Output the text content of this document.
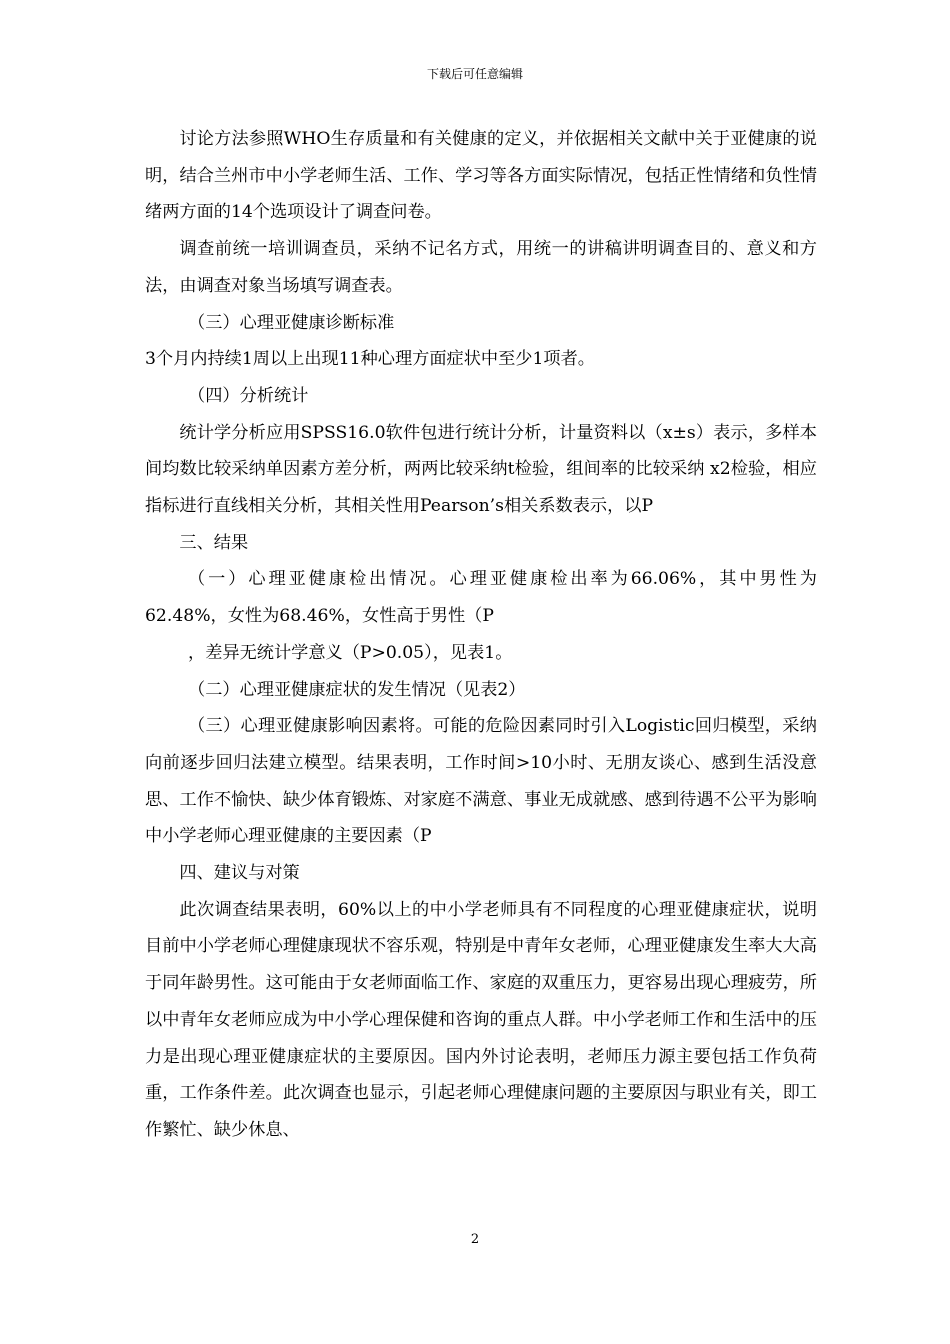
下载后可任意编辑

讨论方法参照WHO生存质量和有关健康的定义，并依据相关文献中关于亚健康的说明，结合兰州市中小学老师生活、工作、学习等各方面实际情况，包括正性情绪和负性情绪两方面的14个选项设计了调查问卷。

调查前统一培训调查员，采纳不记名方式，用统一的讲稿讲明调查目的、意义和方法，由调查对象当场填写调查表。

（三）心理亚健康诊断标准

3个月内持续1周以上出现11种心理方面症状中至少1项者。

（四）分析统计

统计学分析应用SPSS16.0软件包进行统计分析，计量资料以（x±s）表示，多样本间均数比较采纳单因素方差分析，两两比较采纳t检验，组间率的比较采纳 x2检验，相应指标进行直线相关分析，其相关性用Pearson’s相关系数表示，以P

三、结果

（一）心理亚健康检出情况。心理亚健康检出率为66.06%，其中男性为62.48%，女性为68.46%，女性高于男性（P

，差异无统计学意义（P>0.05），见表1。

（二）心理亚健康症状的发生情况（见表2）

（三）心理亚健康影响因素将。可能的危险因素同时引入Logistic回归模型，采纳向前逐步回归法建立模型。结果表明，工作时间>10小时、无朋友谈心、感到生活没意思、工作不愉快、缺少体育锻炼、对家庭不满意、事业无成就感、感到待遇不公平为影响中小学老师心理亚健康的主要因素（P

四、建议与对策

此次调查结果表明，60%以上的中小学老师具有不同程度的心理亚健康症状，说明目前中小学老师心理健康现状不容乐观，特别是中青年女老师，心理亚健康发生率大大高于同年龄男性。这可能由于女老师面临工作、家庭的双重压力，更容易出现心理疲劳，所以中青年女老师应成为中小学心理保健和咨询的重点人群。中小学老师工作和生活中的压力是出现心理亚健康症状的主要原因。国内外讨论表明，老师压力源主要包括工作负荷重，工作条件差。此次调查也显示，引起老师心理健康问题的主要原因与职业有关，即工作繁忙、缺少休息、

2
